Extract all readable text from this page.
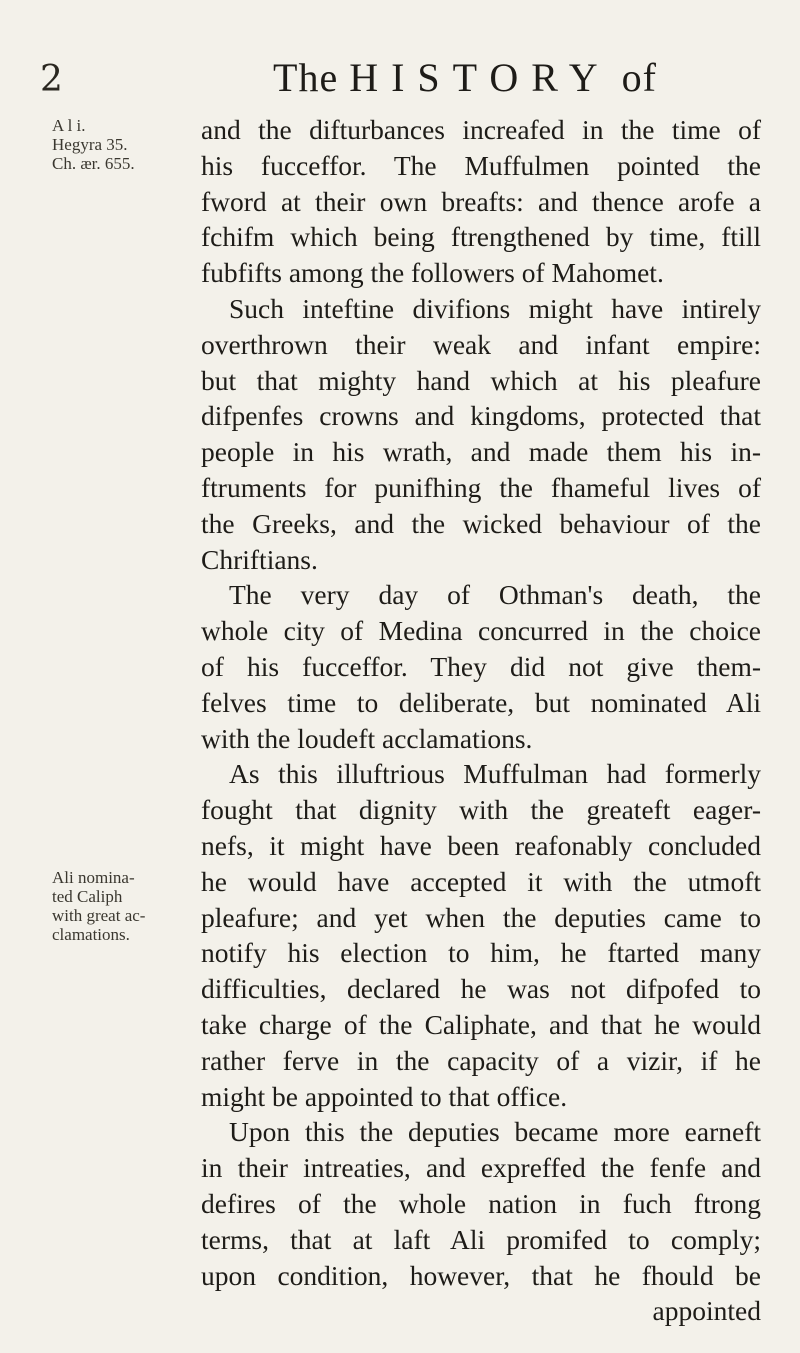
2	The HISTORY of

A l i.

Hegyra 35.

Ch. ær. 655.

Ali nomina-

ted Caliph

with great ac-

clamations.

and the difturbances increafed in the time of
his fucceffor. The Muffulmen pointed the
fword at their own breafts: and thence arofe a
fchifm which being ftrengthened by time, ftill
fubfifts among the followers of Mahomet.
Such inteftine divifions might have intirely
overthrown their weak and infant empire:
but that mighty hand which at his pleafure
difpenfes crowns and kingdoms, protected that
people in his wrath, and made them his in-
ftruments for punifhing the fhameful lives of
the Greeks, and the wicked behaviour of the
Chriftians.
The very day of Othman's death, the
whole city of Medina concurred in the choice
of his fucceffor. They did not give them-
felves time to deliberate, but nominated Ali
with the loudeft acclamations.
As this illuftrious Muffulman had formerly
fought that dignity with the greateft eager-
nefs, it might have been reafonably concluded
he would have accepted it with the utmoft
pleafure; and yet when the deputies came to
notify his election to him, he ftarted many
difficulties, declared he was not difpofed to
take charge of the Caliphate, and that he would
rather ferve in the capacity of a vizir, if he
might be appointed to that office.
Upon this the deputies became more earneft
in their intreaties, and expreffed the fenfe and
defires of the whole nation in fuch ftrong
terms, that at laft Ali promifed to comply;
upon condition, however, that he fhould be
appointed
